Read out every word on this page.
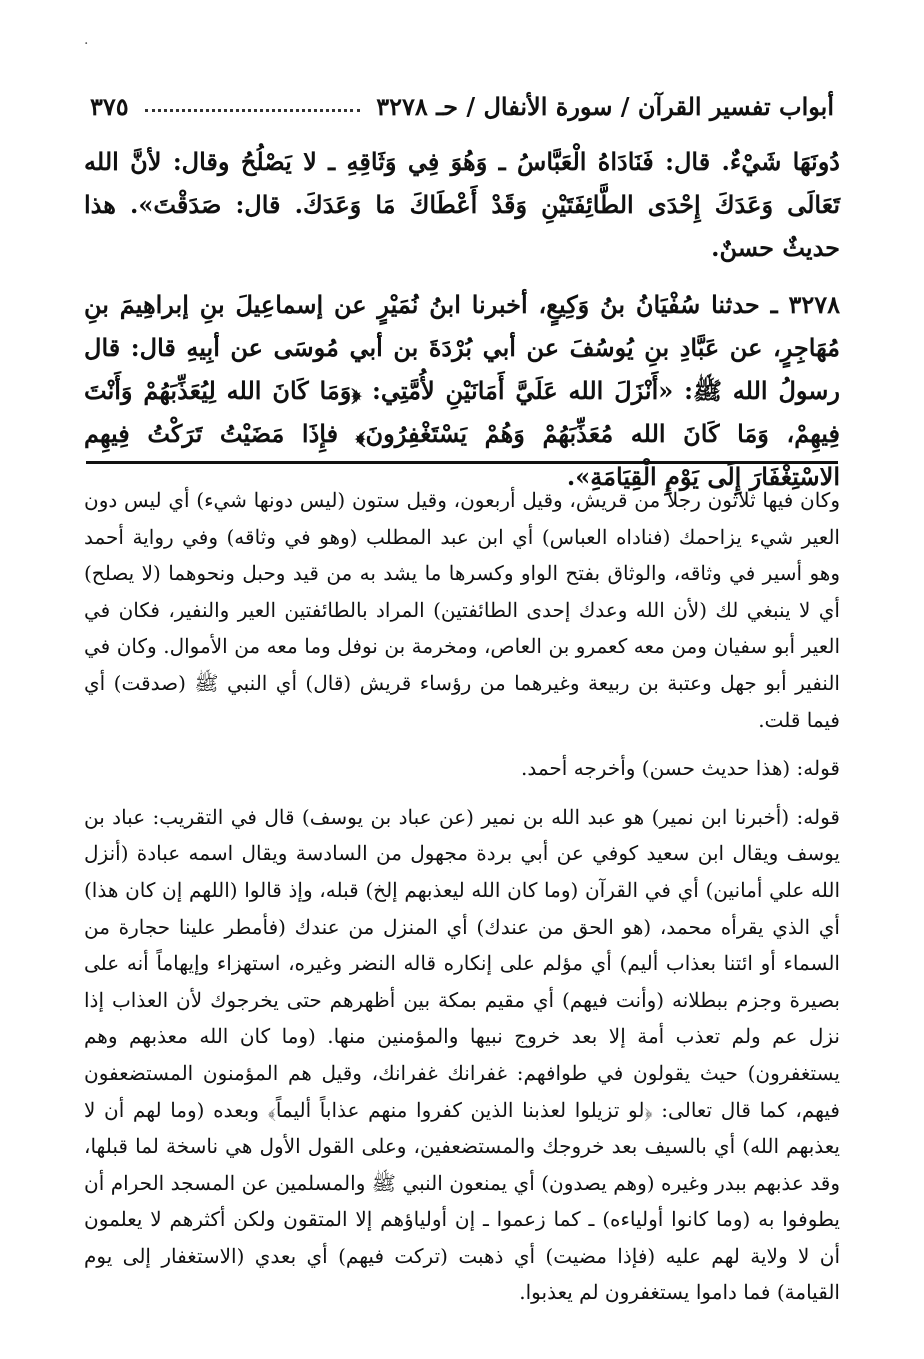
·
أبواب تفسير القرآن / سورة الأنفال / حـ ٣٢٧٨
٣٧٥

دُونَهَا شَيْءٌ. قال: فَنَادَاهُ الْعَبَّاسُ ـ وَهُوَ فِي وَثَاقِهِ ـ لا يَصْلُحُ وقال: لأنَّ الله تَعَالَى وَعَدَكَ إِحْدَى الطَّائِفَتَيْنِ وَقَدْ أَعْطَاكَ مَا وَعَدَكَ. قال: صَدَقْتَ». هذا حديثٌ حسنٌ.

٣٢٧٨ ـ حدثنا سُفْيَانُ بنُ وَكِيعٍ، أخبرنا ابنُ نُمَيْرٍ عن إسماعِيلَ بنِ إبراهِيمَ بنِ مُهَاجِرٍ، عن عَبَّادِ بنِ يُوسُفَ عن أبي بُرْدَةَ بن أبي مُوسَى عن أبِيهِ قال: قال رسولُ الله ﷺ: «أَنْزَلَ الله عَلَيَّ أَمَانَيْنِ لأُمَّتِي: ﴿وَمَا كَانَ الله لِيُعَذِّبَهُمْ وَأَنْتَ فِيهِمْ، وَمَا كَانَ الله مُعَذِّبَهُمْ وَهُمْ يَسْتَغْفِرُونَ﴾ فإِذَا مَضَيْتُ تَرَكْتُ فِيهِم الاسْتِغْفَارَ إِلَى يَوْمِ الْقِيَامَةِ».

وكان فيها ثلاثون رجلاً من قريش، وقيل أربعون، وقيل ستون (ليس دونها شيء) أي ليس دون العير شيء يزاحمك (فناداه العباس) أي ابن عبد المطلب (وهو في وثاقه) وفي رواية أحمد وهو أسير في وثاقه، والوثاق بفتح الواو وكسرها ما يشد به من قيد وحبل ونحوهما (لا يصلح) أي لا ينبغي لك (لأن الله وعدك إحدى الطائفتين) المراد بالطائفتين العير والنفير، فكان في العير أبو سفيان ومن معه كعمرو بن العاص، ومخرمة بن نوفل وما معه من الأموال. وكان في النفير أبو جهل وعتبة بن ربيعة وغيرهما من رؤساء قريش (قال) أي النبي ﷺ (صدقت) أي فيما قلت.

قوله: (هذا حديث حسن) وأخرجه أحمد.

قوله: (أخبرنا ابن نمير) هو عبد الله بن نمير (عن عباد بن يوسف) قال في التقريب: عباد بن يوسف ويقال ابن سعيد كوفي عن أبي بردة مجهول من السادسة ويقال اسمه عبادة (أنزل الله علي أمانين) أي في القرآن (وما كان الله ليعذبهم إلخ) قبله، وإذ قالوا (اللهم إن كان هذا) أي الذي يقرأه محمد، (هو الحق من عندك) أي المنزل من عندك (فأمطر علينا حجارة من السماء أو ائتنا بعذاب أليم) أي مؤلم على إنكاره قاله النضر وغيره، استهزاء وإيهاماً أنه على بصيرة وجزم ببطلانه (وأنت فيهم) أي مقيم بمكة بين أظهرهم حتى يخرجوك لأن العذاب إذا نزل عم ولم تعذب أمة إلا بعد خروج نبيها والمؤمنين منها. (وما كان الله معذبهم وهم يستغفرون) حيث يقولون في طوافهم: غفرانك غفرانك، وقيل هم المؤمنون المستضعفون فيهم، كما قال تعالى: ﴿لو تزيلوا لعذبنا الذين كفروا منهم عذاباً أليماً﴾ وبعده (وما لهم أن لا يعذبهم الله) أي بالسيف بعد خروجك والمستضعفين، وعلى القول الأول هي ناسخة لما قبلها، وقد عذبهم ببدر وغيره (وهم يصدون) أي يمنعون النبي ﷺ والمسلمين عن المسجد الحرام أن يطوفوا به (وما كانوا أولياءه) ـ كما زعموا ـ إن أولياؤهم إلا المتقون ولكن أكثرهم لا يعلمون أن لا ولاية لهم عليه (فإذا مضيت) أي ذهبت (تركت فيهم) أي بعدي (الاستغفار إلى يوم القيامة) فما داموا يستغفرون لم يعذبوا.
